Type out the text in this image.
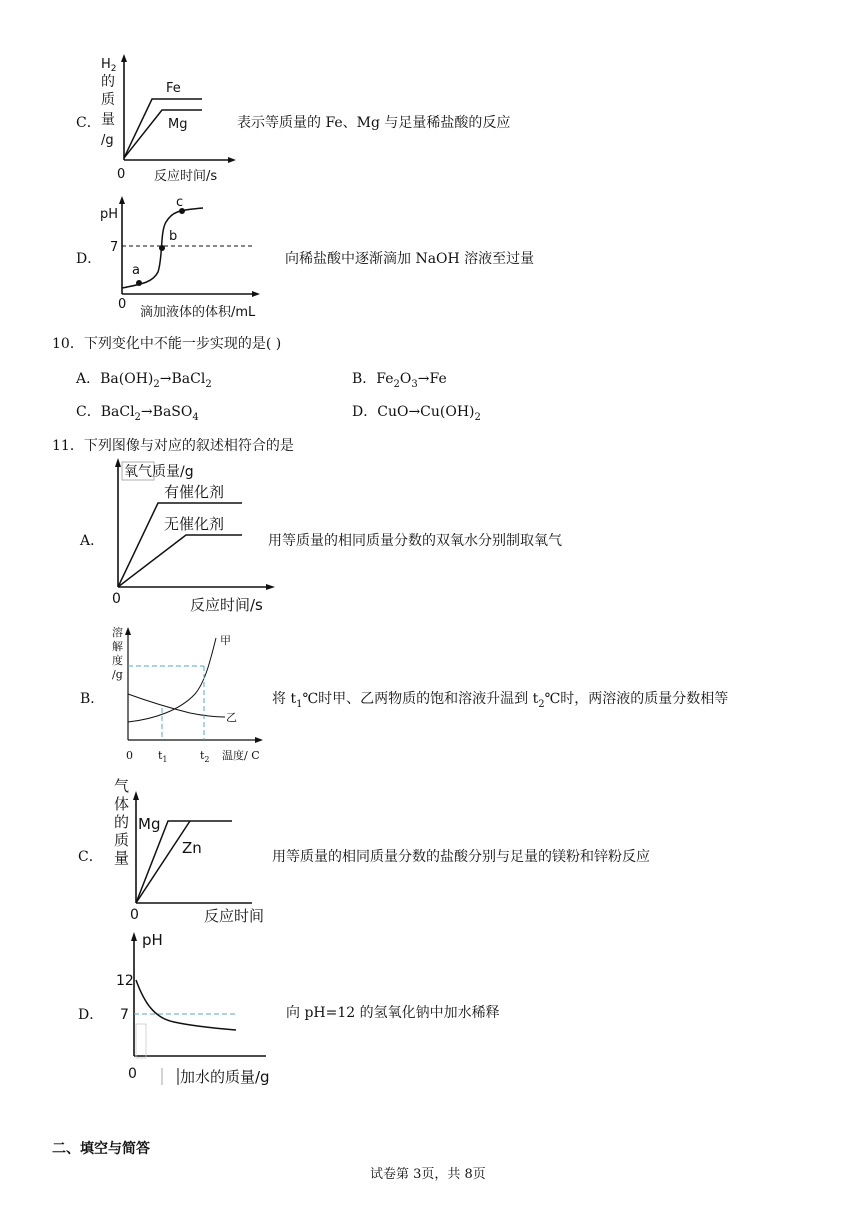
C．
$H_2$
的
质
量
/g
0 反应时间/s
Fe
Mg	表示等质量的 Fe、Mg 与足量稀盐酸的反应
D．
pH
7
a
b
c
0
滴加液体的体积/mL
向稀盐酸中逐渐滴加 NaOH 溶液至过量
10．下列变化中不能一步实现的是( )
A．$Ba(OH)_2\to BaCl_2$	B．$Fe_2O_3\to Fe$
C．BaCl$_2$→BaSO$_4$	D．$CuO\to Cu(OH)_2$
11．下列图像与对应的叙述相符合的是
A．
氧气质量/g
有催化剂
无催化剂
0	反应时间/s
用等质量的相同质量分数的双氧水分别制取氧气
B．
溶
解
度
/g
甲
乙
0 $t_1$	$t_2$ 温度/ C
将 $t_1℃$时甲、乙两物质的饱和溶液升温到 $t_2℃$时，两溶液的质量分数相等
C．
气
体
的
质
量
Mg
Zn
0	反应时间
用等质量的相同质量分数的盐酸分别与足量的镁粉和锌粉反应
D．
pH
12
7
0	加水的质量/g
向 pH=12 的氢氧化钠中加水稀释
二、填空与简答
试卷第 3页，共 8页
